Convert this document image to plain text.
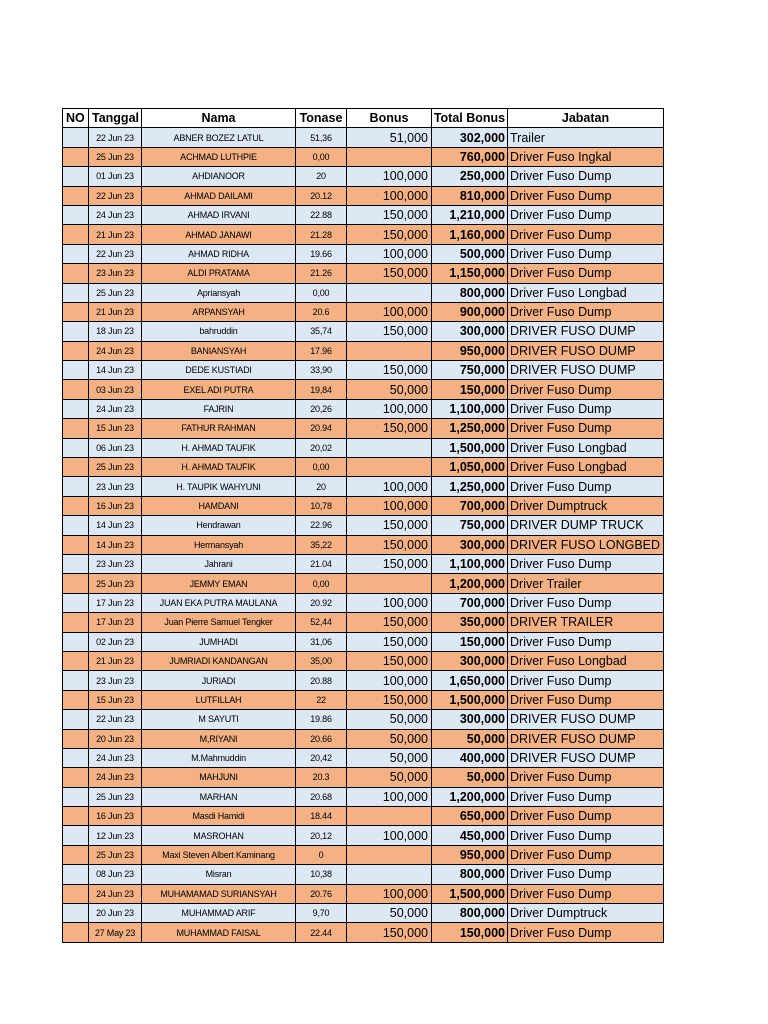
NO	Tanggal	Nama	Tonase	Bonus	Total Bonus	Jabatan
	22 Jun 23	ABNER BOZEZ LATUL	51,36	51,000	302,000	Trailer
	25 Jun 23	ACHMAD LUTHPIE	0,00		760,000	Driver Fuso Ingkal
	01 Jun 23	AHDIANOOR	20	100,000	250,000	Driver Fuso Dump
	22 Jun 23	AHMAD DAILAMI	20.12	100,000	810,000	Driver Fuso Dump
	24 Jun 23	AHMAD IRVANI	22.88	150,000	1,210,000	Driver Fuso Dump
	21 Jun 23	AHMAD JANAWI	21.28	150,000	1,160,000	Driver Fuso Dump
	22 Jun 23	AHMAD RIDHA	19.66	100,000	500,000	Driver Fuso Dump
	23 Jun 23	ALDI PRATAMA	21.26	150,000	1,150,000	Driver Fuso Dump
	25 Jun 23	Apriansyah	0,00		800,000	Driver Fuso Longbad
	21 Jun 23	ARPANSYAH	20.6	100,000	900,000	Driver Fuso Dump
	18 Jun 23	bahruddin	35,74	150,000	300,000	DRIVER FUSO DUMP
	24 Jun 23	BANIANSYAH	17.96		950,000	DRIVER FUSO DUMP
	14 Jun 23	DEDE KUSTIADI	33,90	150,000	750,000	DRIVER FUSO DUMP
	03 Jun 23	EXEL ADI PUTRA	19,84	50,000	150,000	Driver Fuso Dump
	24 Jun 23	FAJRIN	20,26	100,000	1,100,000	Driver Fuso Dump
	15 Jun 23	FATHUR RAHMAN	20.94	150,000	1,250,000	Driver Fuso Dump
	06 Jun 23	H. AHMAD TAUFIK	20,02		1,500,000	Driver Fuso Longbad
	25 Jun 23	H. AHMAD TAUFIK	0,00		1,050,000	Driver Fuso Longbad
	23 Jun 23	H. TAUPIK WAHYUNI	20	100,000	1,250,000	Driver Fuso Dump
	16 Jun 23	HAMDANI	10,78	100,000	700,000	Driver Dumptruck
	14 Jun 23	Hendrawan	22.96	150,000	750,000	DRIVER DUMP TRUCK
	14 Jun 23	Hermansyah	35,22	150,000	300,000	DRIVER FUSO LONGBED
	23 Jun 23	Jahrani	21.04	150,000	1,100,000	Driver Fuso Dump
	25 Jun 23	JEMMY EMAN	0,00		1,200,000	Driver Trailer
	17 Jun 23	JUAN EKA PUTRA MAULANA	20.92	100,000	700,000	Driver Fuso Dump
	17 Jun 23	Juan Pierre Samuel Tengker	52,44	150,000	350,000	DRIVER TRAILER
	02 Jun 23	JUMHADI	31,06	150,000	150,000	Driver Fuso Dump
	21 Jun 23	JUMRIADI KANDANGAN	35,00	150,000	300,000	Driver Fuso Longbad
	23 Jun 23	JURIADI	20.88	100,000	1,650,000	Driver Fuso Dump
	15 Jun 23	LUTFILLAH	22	150,000	1,500,000	Driver Fuso Dump
	22 Jun 23	M SAYUTI	19.86	50,000	300,000	DRIVER FUSO DUMP
	20 Jun 23	M,RIYANI	20.66	50,000	50,000	DRIVER FUSO DUMP
	24 Jun 23	M.Mahmuddin	20,42	50,000	400,000	DRIVER FUSO DUMP
	24 Jun 23	MAHJUNI	20.3	50,000	50,000	Driver Fuso Dump
	25 Jun 23	MARHAN	20.68	100,000	1,200,000	Driver Fuso Dump
	16 Jun 23	Masdi Hamidi	18.44		650,000	Driver Fuso Dump
	12 Jun 23	MASROHAN	20,12	100,000	450,000	Driver Fuso Dump
	25 Jun 23	Maxi Steven Albert Kaminang	0		950,000	Driver Fuso Dump
	08 Jun 23	Misran	10,38		800,000	Driver Fuso Dump
	24 Jun 23	MUHAMAMAD SURIANSYAH	20.76	100,000	1,500,000	Driver Fuso Dump
	20 Jun 23	MUHAMMAD ARIF	9,70	50,000	800,000	Driver Dumptruck
	27 May 23	MUHAMMAD FAISAL	22.44	150,000	150,000	Driver Fuso Dump
